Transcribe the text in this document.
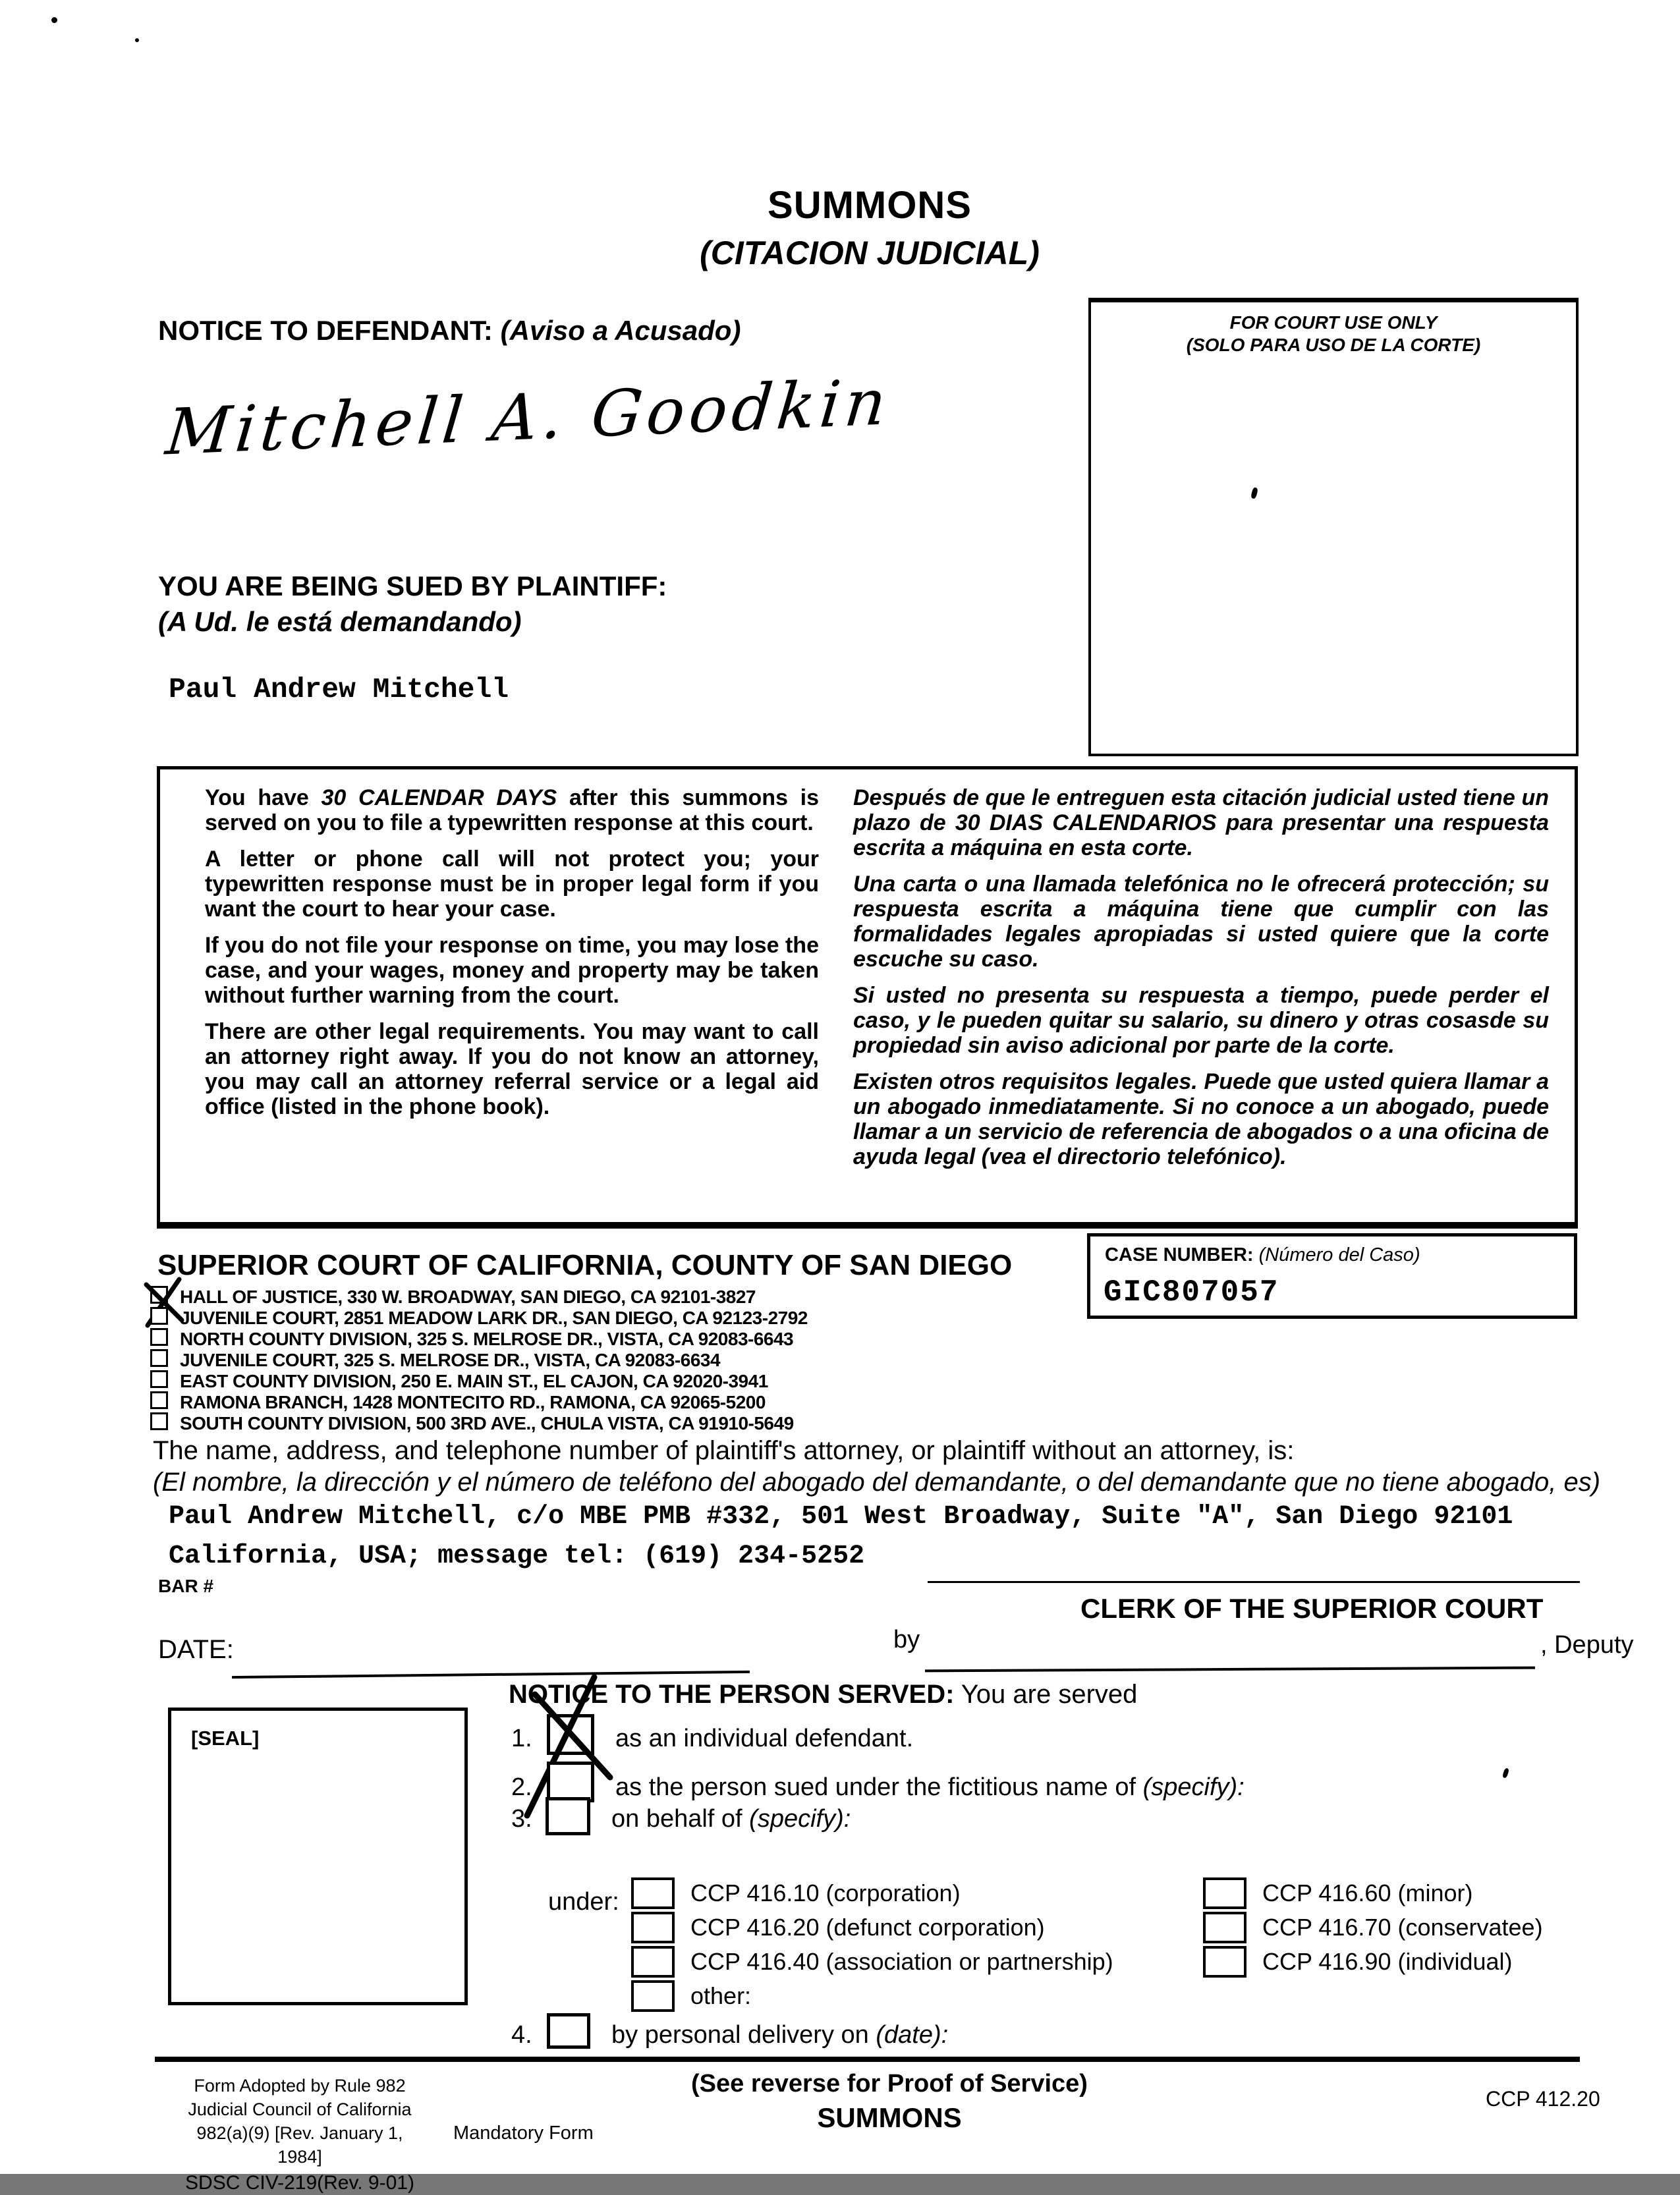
SUMMONS
(CITACION JUDICIAL)
NOTICE TO DEFENDANT: (Aviso a Acusado)
Mitchell A. Goodkin
FOR COURT USE ONLY
(SOLO PARA USO DE LA CORTE)
YOU ARE BEING SUED BY PLAINTIFF:
(A Ud. le está demandando)
Paul Andrew Mitchell

You have 30 CALENDAR DAYS after this summons is served on you to file a typewritten response at this court.

A letter or phone call will not protect you; your typewritten response must be in proper legal form if you want the court to hear your case.

If you do not file your response on time, you may lose the case, and your wages, money and property may be taken without further warning from the court.

There are other legal requirements. You may want to call an attorney right away. If you do not know an attorney, you may call an attorney referral service or a legal aid office (listed in the phone book).

Después de que le entreguen esta citación judicial usted tiene un plazo de 30 DIAS CALENDARIOS para presentar una respuesta escrita a máquina en esta corte.

Una carta o una llamada telefónica no le ofrecerá protección; su respuesta escrita a máquina tiene que cumplir con las formalidades legales apropiadas si usted quiere que la corte escuche su caso.

Si usted no presenta su respuesta a tiempo, puede perder el caso, y le pueden quitar su salario, su dinero y otras cosasde su propiedad sin aviso adicional por parte de la corte.

Existen otros requisitos legales. Puede que usted quiera llamar a un abogado inmediatamente. Si no conoce a un abogado, puede llamar a un servicio de referencia de abogados o a una oficina de ayuda legal (vea el directorio telefónico).

SUPERIOR COURT OF CALIFORNIA, COUNTY OF SAN DIEGO
HALL OF JUSTICE, 330 W. BROADWAY, SAN DIEGO, CA 92101-3827
JUVENILE COURT, 2851 MEADOW LARK DR., SAN DIEGO, CA 92123-2792
NORTH COUNTY DIVISION, 325 S. MELROSE DR., VISTA, CA 92083-6643
JUVENILE COURT, 325 S. MELROSE DR., VISTA, CA 92083-6634
EAST COUNTY DIVISION, 250 E. MAIN ST., EL CAJON, CA 92020-3941
RAMONA BRANCH, 1428 MONTECITO RD., RAMONA, CA 92065-5200
SOUTH COUNTY DIVISION, 500 3RD AVE., CHULA VISTA, CA 91910-5649
CASE NUMBER: (Número del Caso)
GIC807057
The name, address, and telephone number of plaintiff's attorney, or plaintiff without an attorney, is:
(El nombre, la dirección y el número de teléfono del abogado del demandante, o del demandante que no tiene abogado, es)
Paul Andrew Mitchell, c/o MBE PMB #332, 501 West Broadway, Suite "A", San Diego 92101
California, USA; message tel: (619) 234-5252
BAR #
CLERK OF THE SUPERIOR COURT
DATE:	by	, Deputy
[SEAL]
NOTICE TO THE PERSON SERVED: You are served
1.	as an individual defendant.
2.	as the person sued under the fictitious name of (specify):
3.	on behalf of (specify):
under:	CCP 416.10 (corporation)
CCP 416.20 (defunct corporation)
CCP 416.40 (association or partnership)
other:
CCP 416.60 (minor)
CCP 416.70 (conservatee)
CCP 416.90 (individual)
4.	by personal delivery on (date):
Form Adopted by Rule 982
Judicial Council of California
982(a)(9) [Rev. January 1, 1984]
SDSC CIV-219(Rev. 9-01)
Mandatory Form
(See reverse for Proof of Service)
SUMMONS
CCP 412.20
